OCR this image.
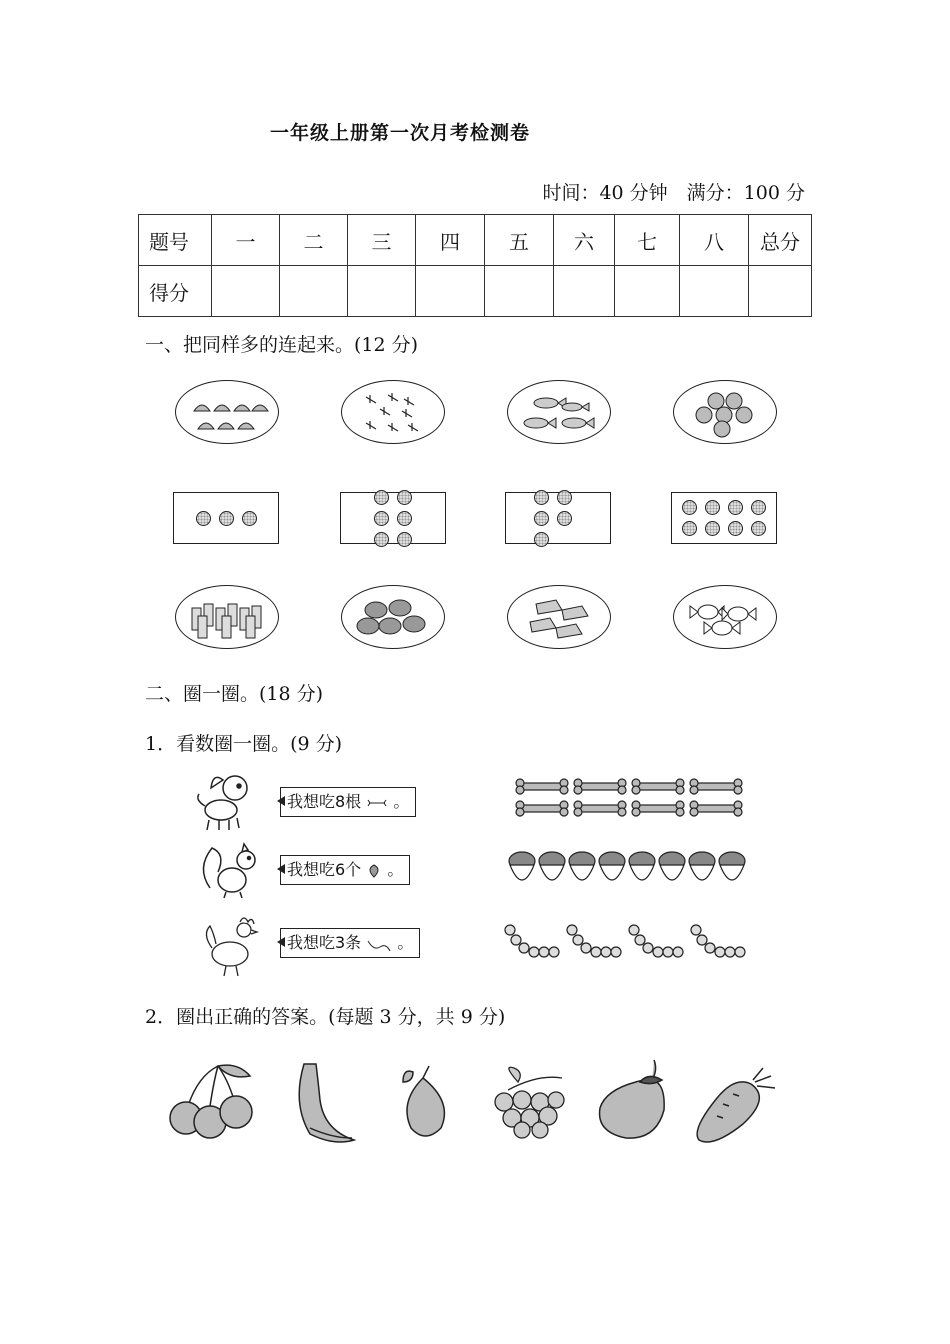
一年级上册第一次月考检测卷
时间：40 分钟　满分：100 分
题号	一	二	三	四	五	六	七	八	总分
得分									
一、把同样多的连起来。(12 分)
二、圈一圈。(18 分)
1．看数圈一圈。(9 分)
我想吃8根 。
我想吃6个 。
我想吃3条 。
2．圈出正确的答案。(每题 3 分，共 9 分)
